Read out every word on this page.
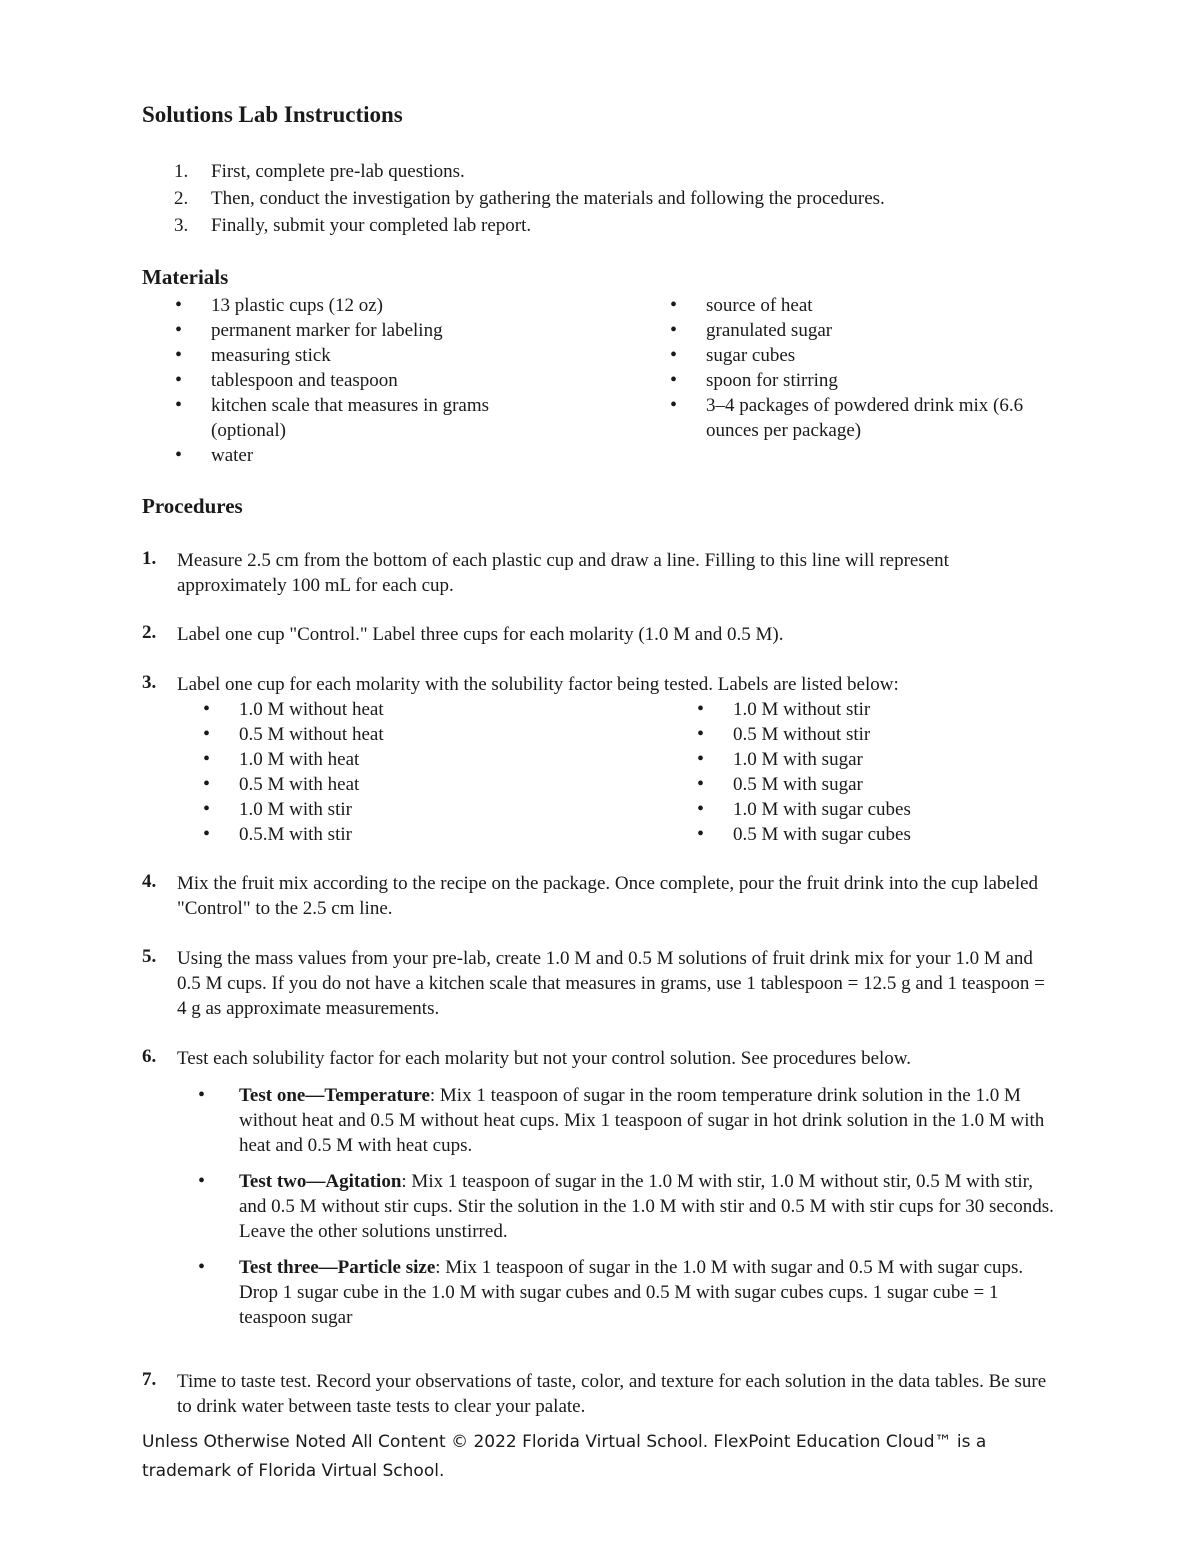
Solutions Lab Instructions
1.	First, complete pre-lab questions.
2.	Then, conduct the investigation by gathering the materials and following the procedures.
3.	Finally, submit your completed lab report.
Materials
• 13 plastic cups (12 oz)
• permanent marker for labeling
• measuring stick
• tablespoon and teaspoon
• kitchen scale that measures in grams (optional)
• water
• source of heat
• granulated sugar
• sugar cubes
• spoon for stirring
• 3–4 packages of powdered drink mix (6.6 ounces per package)
Procedures
1. Measure 2.5 cm from the bottom of each plastic cup and draw a line. Filling to this line will represent approximately 100 mL for each cup.
2. Label one cup "Control." Label three cups for each molarity (1.0 M and 0.5 M).
3. Label one cup for each molarity with the solubility factor being tested. Labels are listed below:
• 1.0 M without heat
• 0.5 M without heat
• 1.0 M with heat
• 0.5 M with heat
• 1.0 M with stir
• 0.5.M with stir
• 1.0 M without stir
• 0.5 M without stir
• 1.0 M with sugar
• 0.5 M with sugar
• 1.0 M with sugar cubes
• 0.5 M with sugar cubes
4. Mix the fruit mix according to the recipe on the package. Once complete, pour the fruit drink into the cup labeled "Control" to the 2.5 cm line.
5. Using the mass values from your pre-lab, create 1.0 M and 0.5 M solutions of fruit drink mix for your 1.0 M and 0.5 M cups. If you do not have a kitchen scale that measures in grams, use 1 tablespoon = 12.5 g and 1 teaspoon = 4 g as approximate measurements.
6. Test each solubility factor for each molarity but not your control solution. See procedures below.
• Test one—Temperature: Mix 1 teaspoon of sugar in the room temperature drink solution in the 1.0 M without heat and 0.5 M without heat cups. Mix 1 teaspoon of sugar in hot drink solution in the 1.0 M with heat and 0.5 M with heat cups.
• Test two—Agitation: Mix 1 teaspoon of sugar in the 1.0 M with stir, 1.0 M without stir, 0.5 M with stir, and 0.5 M without stir cups. Stir the solution in the 1.0 M with stir and 0.5 M with stir cups for 30 seconds. Leave the other solutions unstirred.
• Test three—Particle size: Mix 1 teaspoon of sugar in the 1.0 M with sugar and 0.5 M with sugar cups. Drop 1 sugar cube in the 1.0 M with sugar cubes and 0.5 M with sugar cubes cups. 1 sugar cube = 1 teaspoon sugar
7. Time to taste test. Record your observations of taste, color, and texture for each solution in the data tables. Be sure to drink water between taste tests to clear your palate.
Unless Otherwise Noted All Content © 2022 Florida Virtual School. FlexPoint Education Cloud™ is a trademark of Florida Virtual School.
